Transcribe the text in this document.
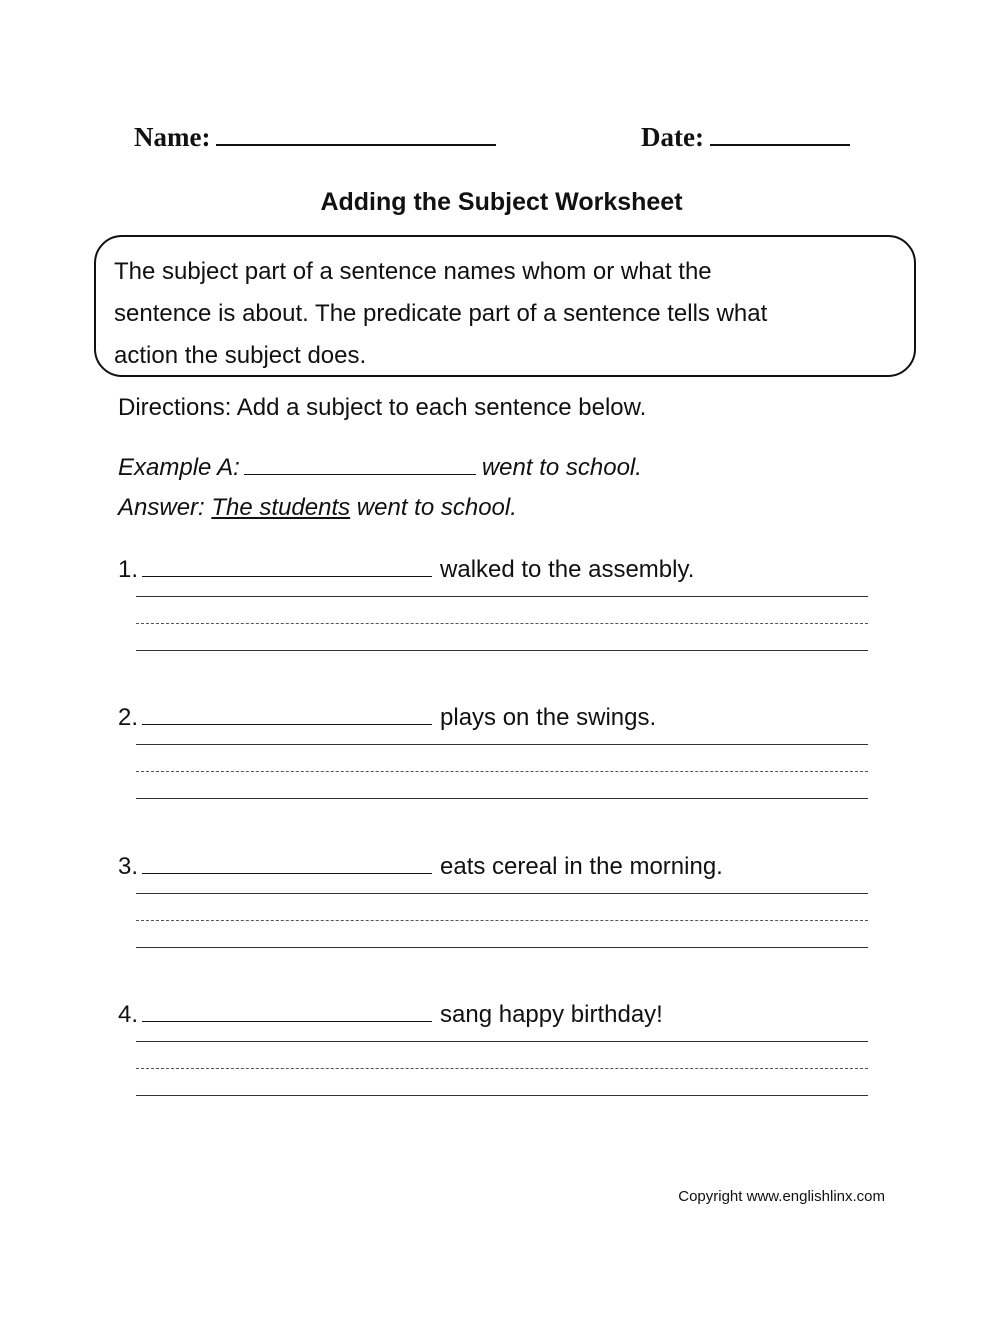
Name:	Date:
Adding the Subject Worksheet
The subject part of a sentence names whom or what the
sentence is about. The predicate part of a sentence tells what
action the subject does.
Directions: Add a subject to each sentence below.
Example A:	went to school.
Answer: The students went to school.
1.	walked to the assembly.
2.	plays on the swings.
3.	eats cereal in the morning.
4.	sang happy birthday!
Copyright www.englishlinx.com
